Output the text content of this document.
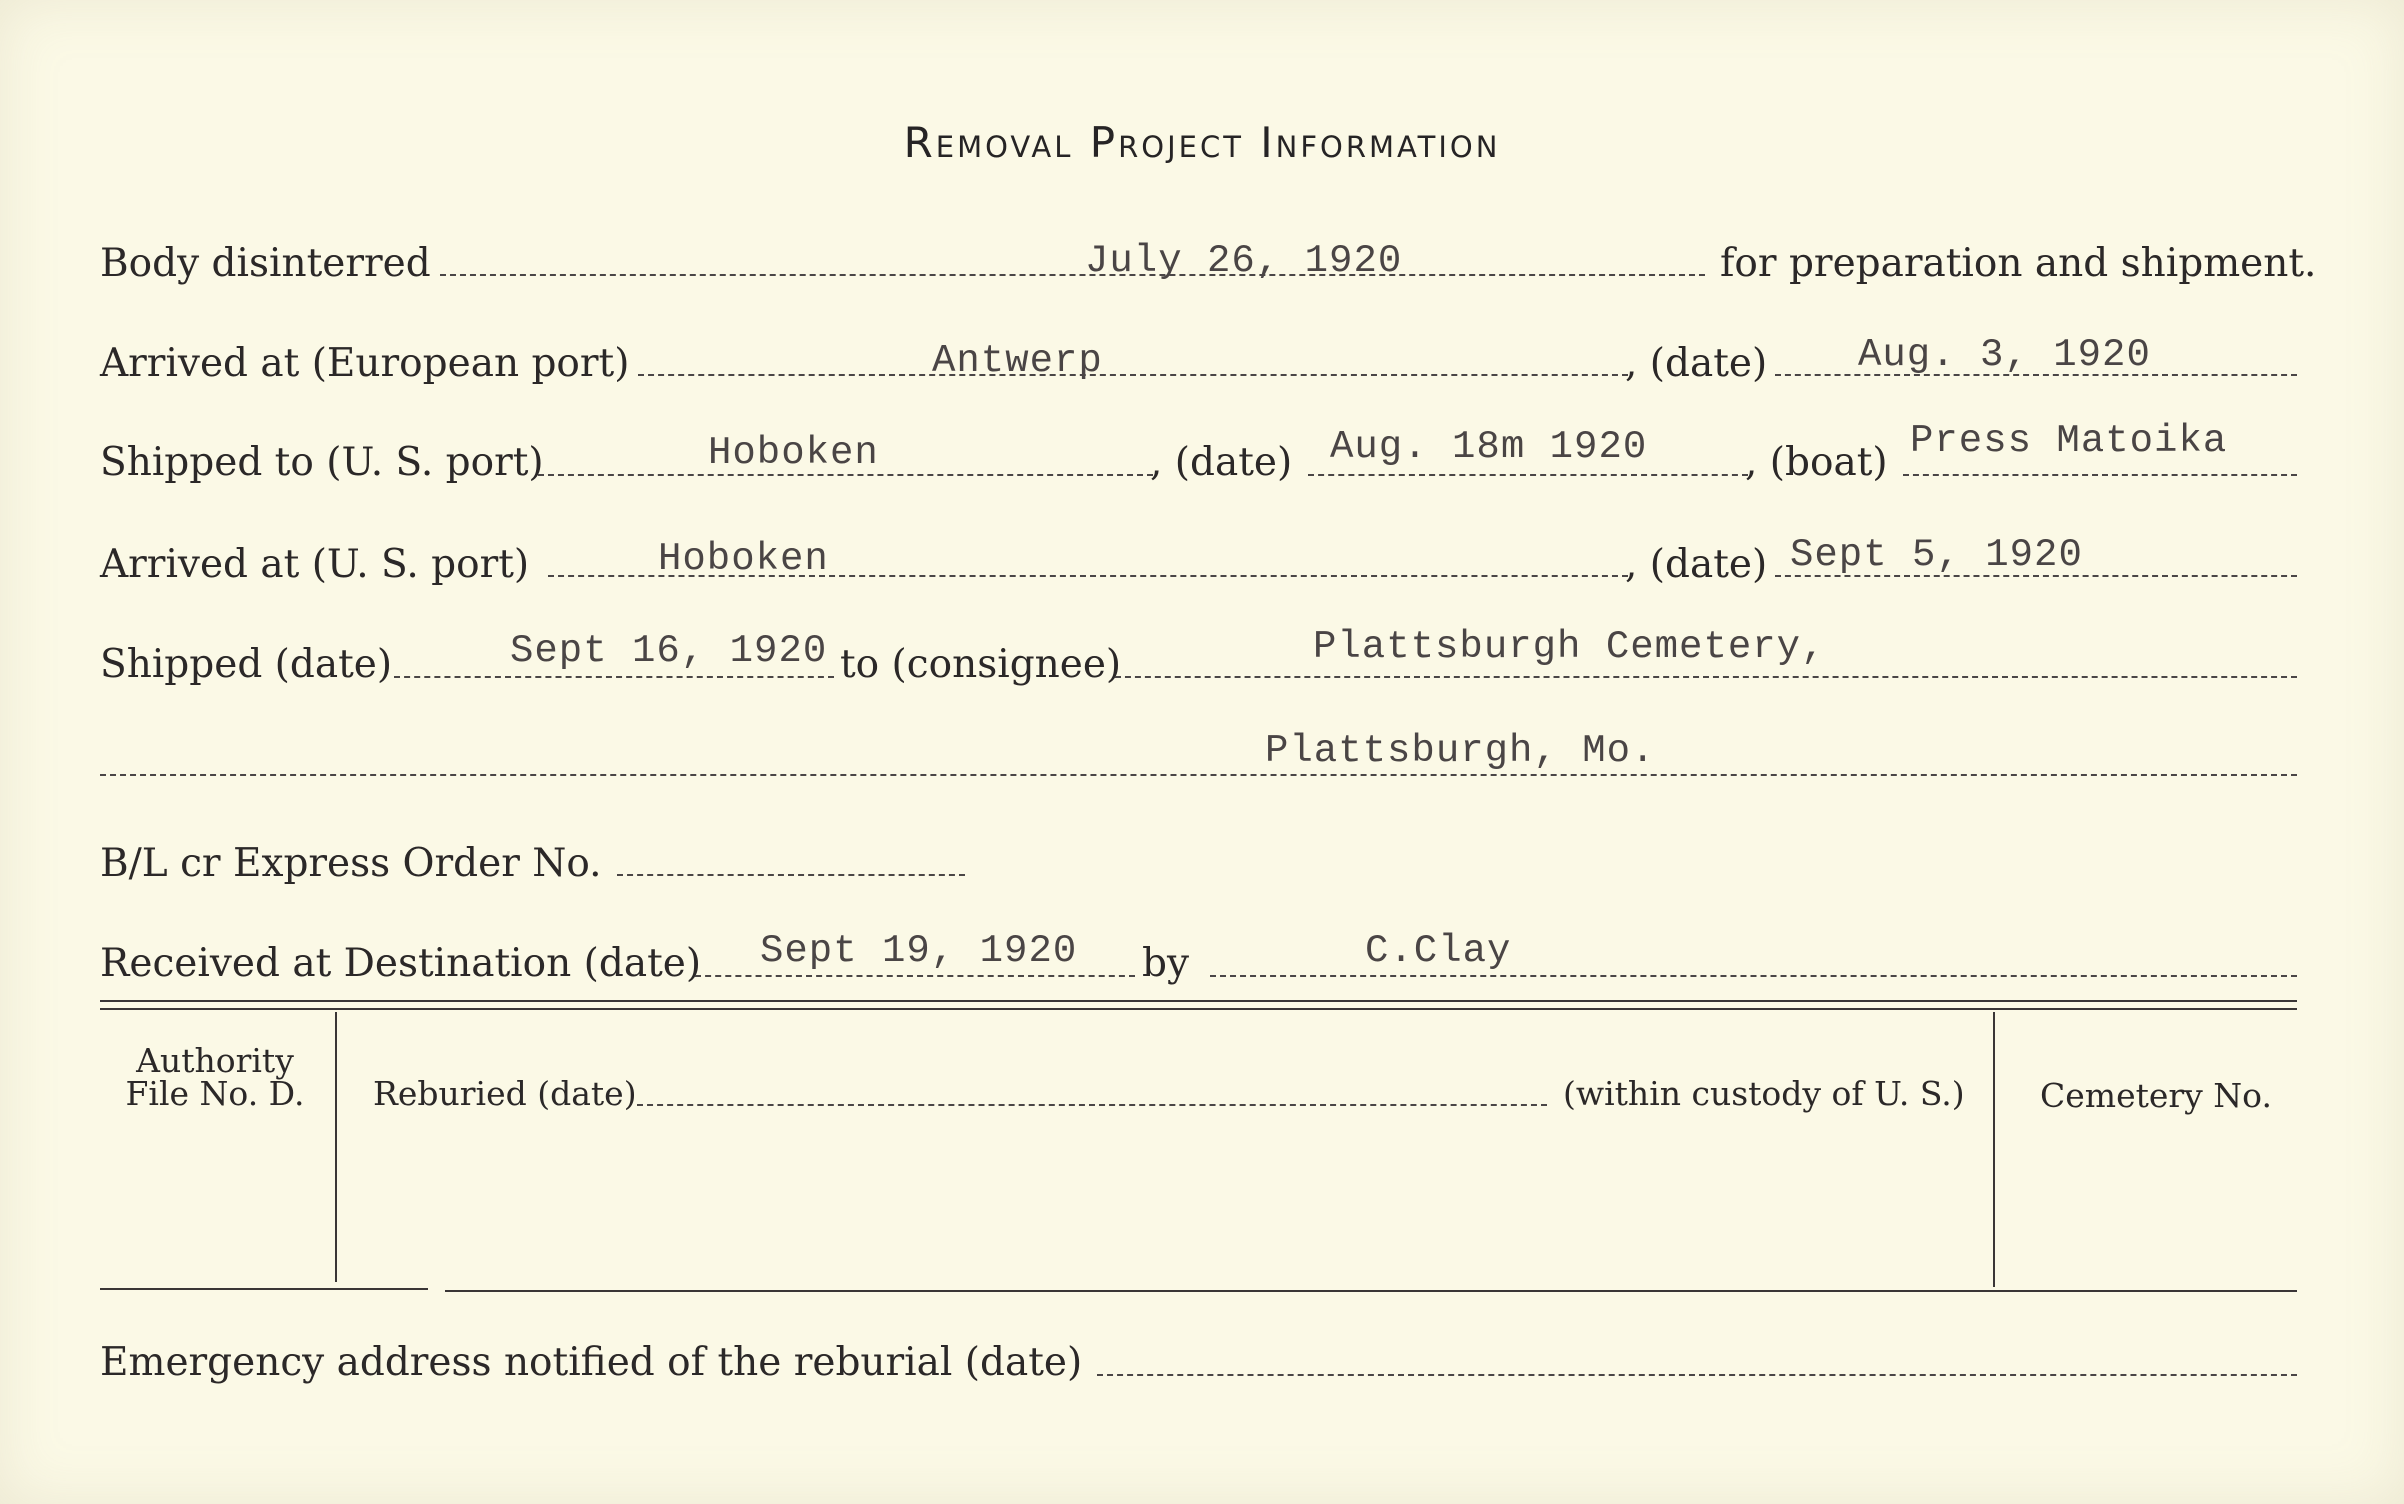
Removal Project Information
Body disinterred	July 26, 1920	for preparation and shipment.
Arrived at (European port)	Antwerp	, (date) Aug. 3, 1920
Shipped to (U. S. port)	Hoboken	, (date) Aug. 18m 1920	, (boat) Press Matoika
Arrived at (U. S. port)	Hoboken	, (date) Sept 5, 1920
Shipped (date)	Sept 16, 1920 to (consignee)	Plattsburgh Cemetery,
Plattsburgh, Mo.
B/L cr Express Order No.
Received at Destination (date) Sept 19, 1920 by	C.Clay
Authority
File No. D.	Reburied (date)	(within custody of U. S.) Cemetery No.
Emergency address notified of the reburial (date)
